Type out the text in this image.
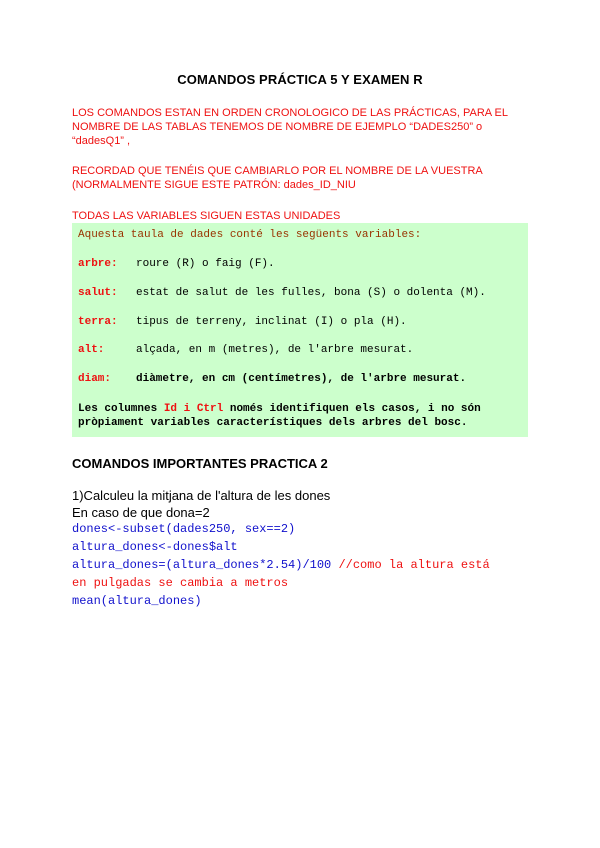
COMANDOS PRÁCTICA 5 Y EXAMEN R
LOS COMANDOS ESTAN EN ORDEN CRONOLOGICO DE LAS PRÁCTICAS, PARA EL NOMBRE DE LAS TABLAS TENEMOS DE NOMBRE DE EJEMPLO “DADES250” o “dadesQ1” ,
RECORDAD QUE TENÉIS QUE CAMBIARLO POR EL NOMBRE DE LA VUESTRA (NORMALMENTE SIGUE ESTE PATRÓN: dades_ID_NIU
TODAS LAS VARIABLES SIGUEN ESTAS UNIDADES
Aquesta taula de dades conté les següents variables:
arbre: roure (R) o faig (F).
salut: estat de salut de les fulles, bona (S) o dolenta (M).
terra: tipus de terreny, inclinat (I) o pla (H).
alt:	alçada, en m (metres), de l'arbre mesurat.
diam: diàmetre, en cm (centímetres), de l'arbre mesurat.
Les columnes Id i Ctrl només identifiquen els casos, i no són pròpiament variables característiques dels arbres del bosc.
COMANDOS IMPORTANTES PRACTICA 2
1)Calculeu la mitjana de l'altura de les dones
En caso de que dona=2
dones<-subset(dades250, sex==2)
altura_dones<-dones$alt
altura_dones=(altura_dones*2.54)/100 //como la altura está
en pulgadas se cambia a metros
mean(altura_dones)
